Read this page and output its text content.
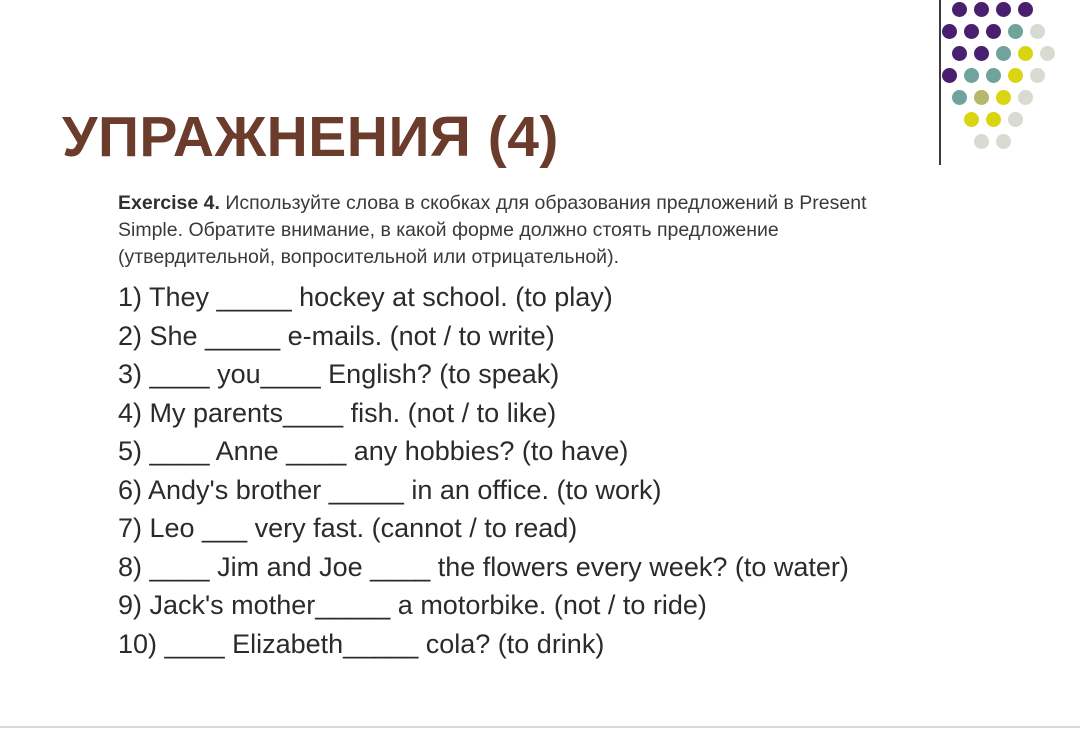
УПРАЖНЕНИЯ (4)

Exercise 4. Используйте слова в скобках для образования предложений в Present Simple. Обратите внимание, в какой форме должно стоять предложение (утвердительной, вопросительной или отрицательной).

1) They _____ hockey at school. (to play)
2) She _____ e-mails. (not / to write)
3) ____ you____ English? (to speak)
4) My parents____ fish. (not / to like)
5) ____ Anne ____ any hobbies? (to have)
6) Andy's brother _____ in an office. (to work)
7) Leo ___ very fast. (cannot / to read)
8) ____ Jim and Joe ____ the flowers every week? (to water)
9) Jack's mother_____ a motorbike. (not / to ride)
10) ____ Elizabeth_____ cola? (to drink)
